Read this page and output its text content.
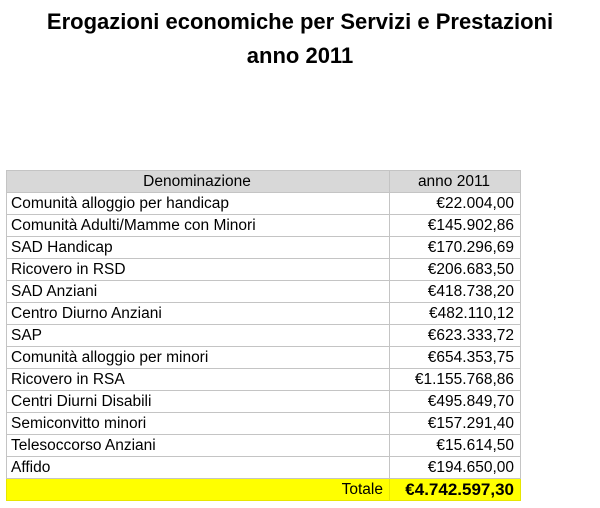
Erogazioni economiche per Servizi e Prestazioni
anno 2011
Denominazione	anno 2011
Comunità alloggio per handicap	€22.004,00
Comunità Adulti/Mamme con Minori	€145.902,86
SAD Handicap	€170.296,69
Ricovero in RSD	€206.683,50
SAD Anziani	€418.738,20
Centro Diurno Anziani	€482.110,12
SAP	€623.333,72
Comunità alloggio per minori	€654.353,75
Ricovero in RSA	€1.155.768,86
Centri Diurni Disabili	€495.849,70
Semiconvitto minori	€157.291,40
Telesoccorso Anziani	€15.614,50
Affido	€194.650,00
Totale	€4.742.597,30
